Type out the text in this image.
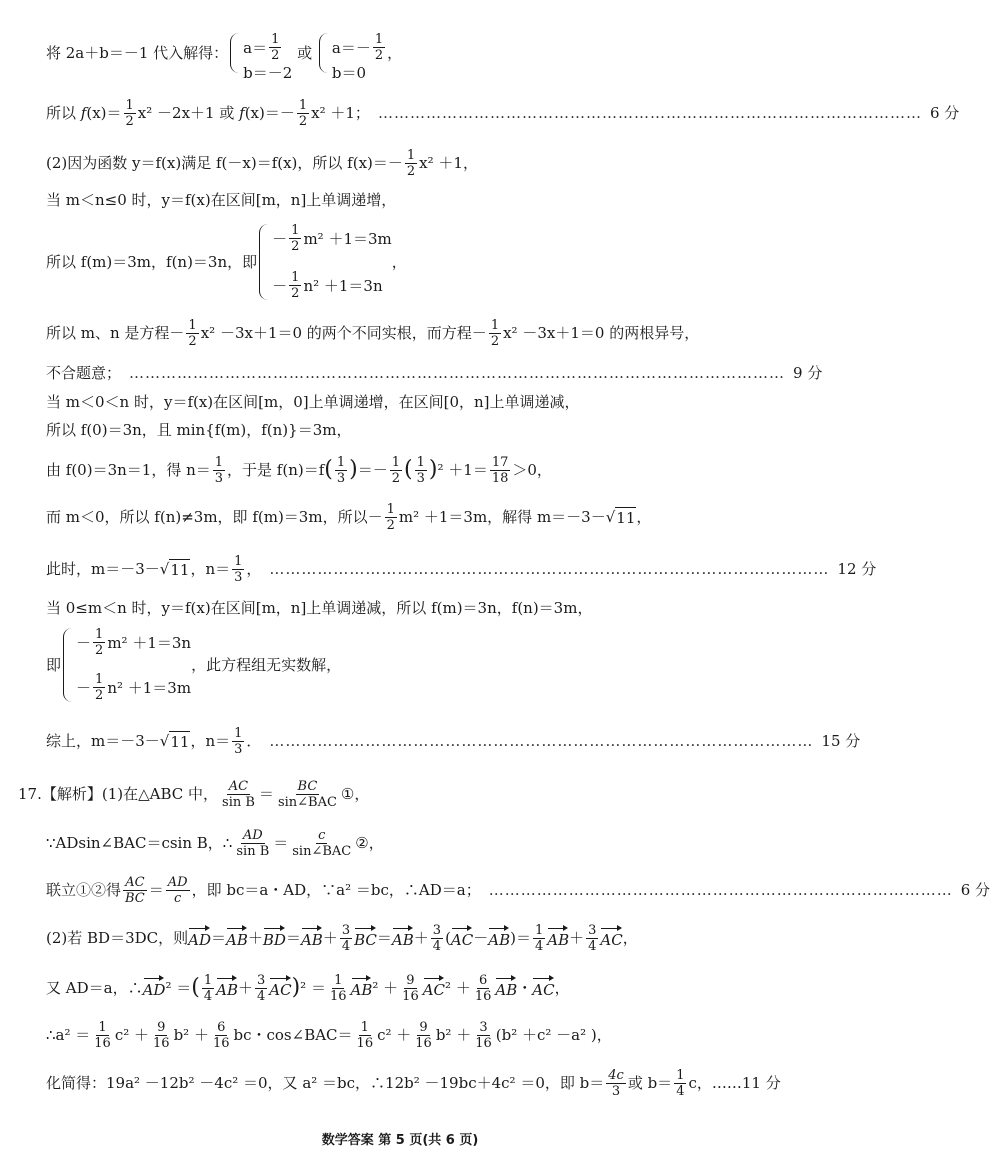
将 2a＋b＝－1 代入解得： $a= \frac{1}{2}$
b＝－2
或 $a=- \frac{1}{2}$
b＝0
，
所以 f $(x)= \frac{1}{2} x^2 -2x+1$ 或 f $(x)=- \frac{1}{2} x^2 +1$； ………………………………………………………………………………………… 6 分
(2)因为函数 y＝f(x)满足 f(－x)＝f(x)，所以 $f(x)=- \frac{1}{2} x^2 +1$，
当 m＜n≤0 时，y＝f(x)在区间[m，n]上单调递增，
所以 f(m)＝3m，f(n)＝3n，即
－ $\frac{1}{2} m^2 +1=3m$
－ $\frac{1}{2} n^2 +1=3n$
，
所以 m、n 是方程－ $\frac{1}{2} x^2 -3x+1=0$ 的两个不同实根，而方程－ $\frac{1}{2} x^2 -3x+1=0$ 的两根异号，
不合题意； …………………………………………………………………………………………………………… 9 分
当 m＜0＜n 时，y＝f(x)在区间[m，0]上单调递增，在区间[0，n]上单调递减，
所以 f(0)＝3n，且 min{f(m)，f(n)}＝3m，
由 f(0)＝3n＝1，得 $n= \frac{1}{3}$ ，于是 f(n)＝f ( $\frac{1}{3}$ ) ＝－ $\frac{1}{2}$ ( $\frac{1}{3}$ ) $^2 +1= \frac{17}{18} >0$，
而 m＜0，所以 f(n)≠3m，即 f(m)＝3m，所以－ $\frac{1}{2} m^2 +1=3m$，解得 m＝－3－ √ 11 ，
此时，m＝－3－ √ 11 ，$n= \frac{1}{3}$ ， …………………………………………………………………………………………… 12 分
当 0≤m＜n 时，y＝f(x)在区间[m，n]上单调递减，所以 f(m)＝3n，f(n)＝3m，
即
－ $\frac{1}{2} m^2 +1=3n$
－ $\frac{1}{2} n^2 +1=3m$
，此方程组无实数解，
综上，m＝－3－ √ 11 ，$n= \frac{1}{3}$ ． ………………………………………………………………………………………… 15 分
17.【解析】(1)在△ABC 中， $\frac{AC}{\text{sin B}} = \frac{BC}{\text{sin∠BAC}}$ ①，
∵ADsin∠BAC＝csin B，∴ $\frac{AD}{\text{sin B}} = \frac{c}{\text{sin∠BAC}}$ ②，
联立①②得 $\frac{AC}{BC} = \frac{AD}{c}$ ，即 bc＝a・AD，∵a² ＝bc，∴AD＝a； …………………………………………………………………………… 6 分
(2)若 BD＝3DC，则 AD ＝ AB ＋ BD ＝ AB ＋ $\frac{3}{4}$ BC ＝ AB ＋ $\frac{3}{4}$ ( AC － AB )＝ $\frac{1}{4}$ AB ＋ $\frac{3}{4}$ AC ，
又 AD＝a，∴ AD ² ＝ ( $\frac{1}{4}$ AB ＋ $\frac{3}{4}$ AC ) $^2 = \frac{1}{16}$ AB $^2 + \frac{9}{16}$ AC $^2 + \frac{6}{16}$ AB ・ AC ，
∴a² ＝ $\frac{1}{16} c^2 + \frac{9}{16} b^2 + \frac{6}{16}$ bc・cos∠BAC＝ $\frac{1}{16} c^2 + \frac{9}{16} b^2 + \frac{3}{16} (b^2 +c^2 -a^2$ )，
化简得：19a² －12b² －4c² ＝0，又 a² ＝bc，∴12b² －19bc＋4c² ＝0，即 $b= \frac{4c}{3}$ 或 $b= \frac{1}{4}$ c，…… 11 分
数学答案 第 5 页(共 6 页)
